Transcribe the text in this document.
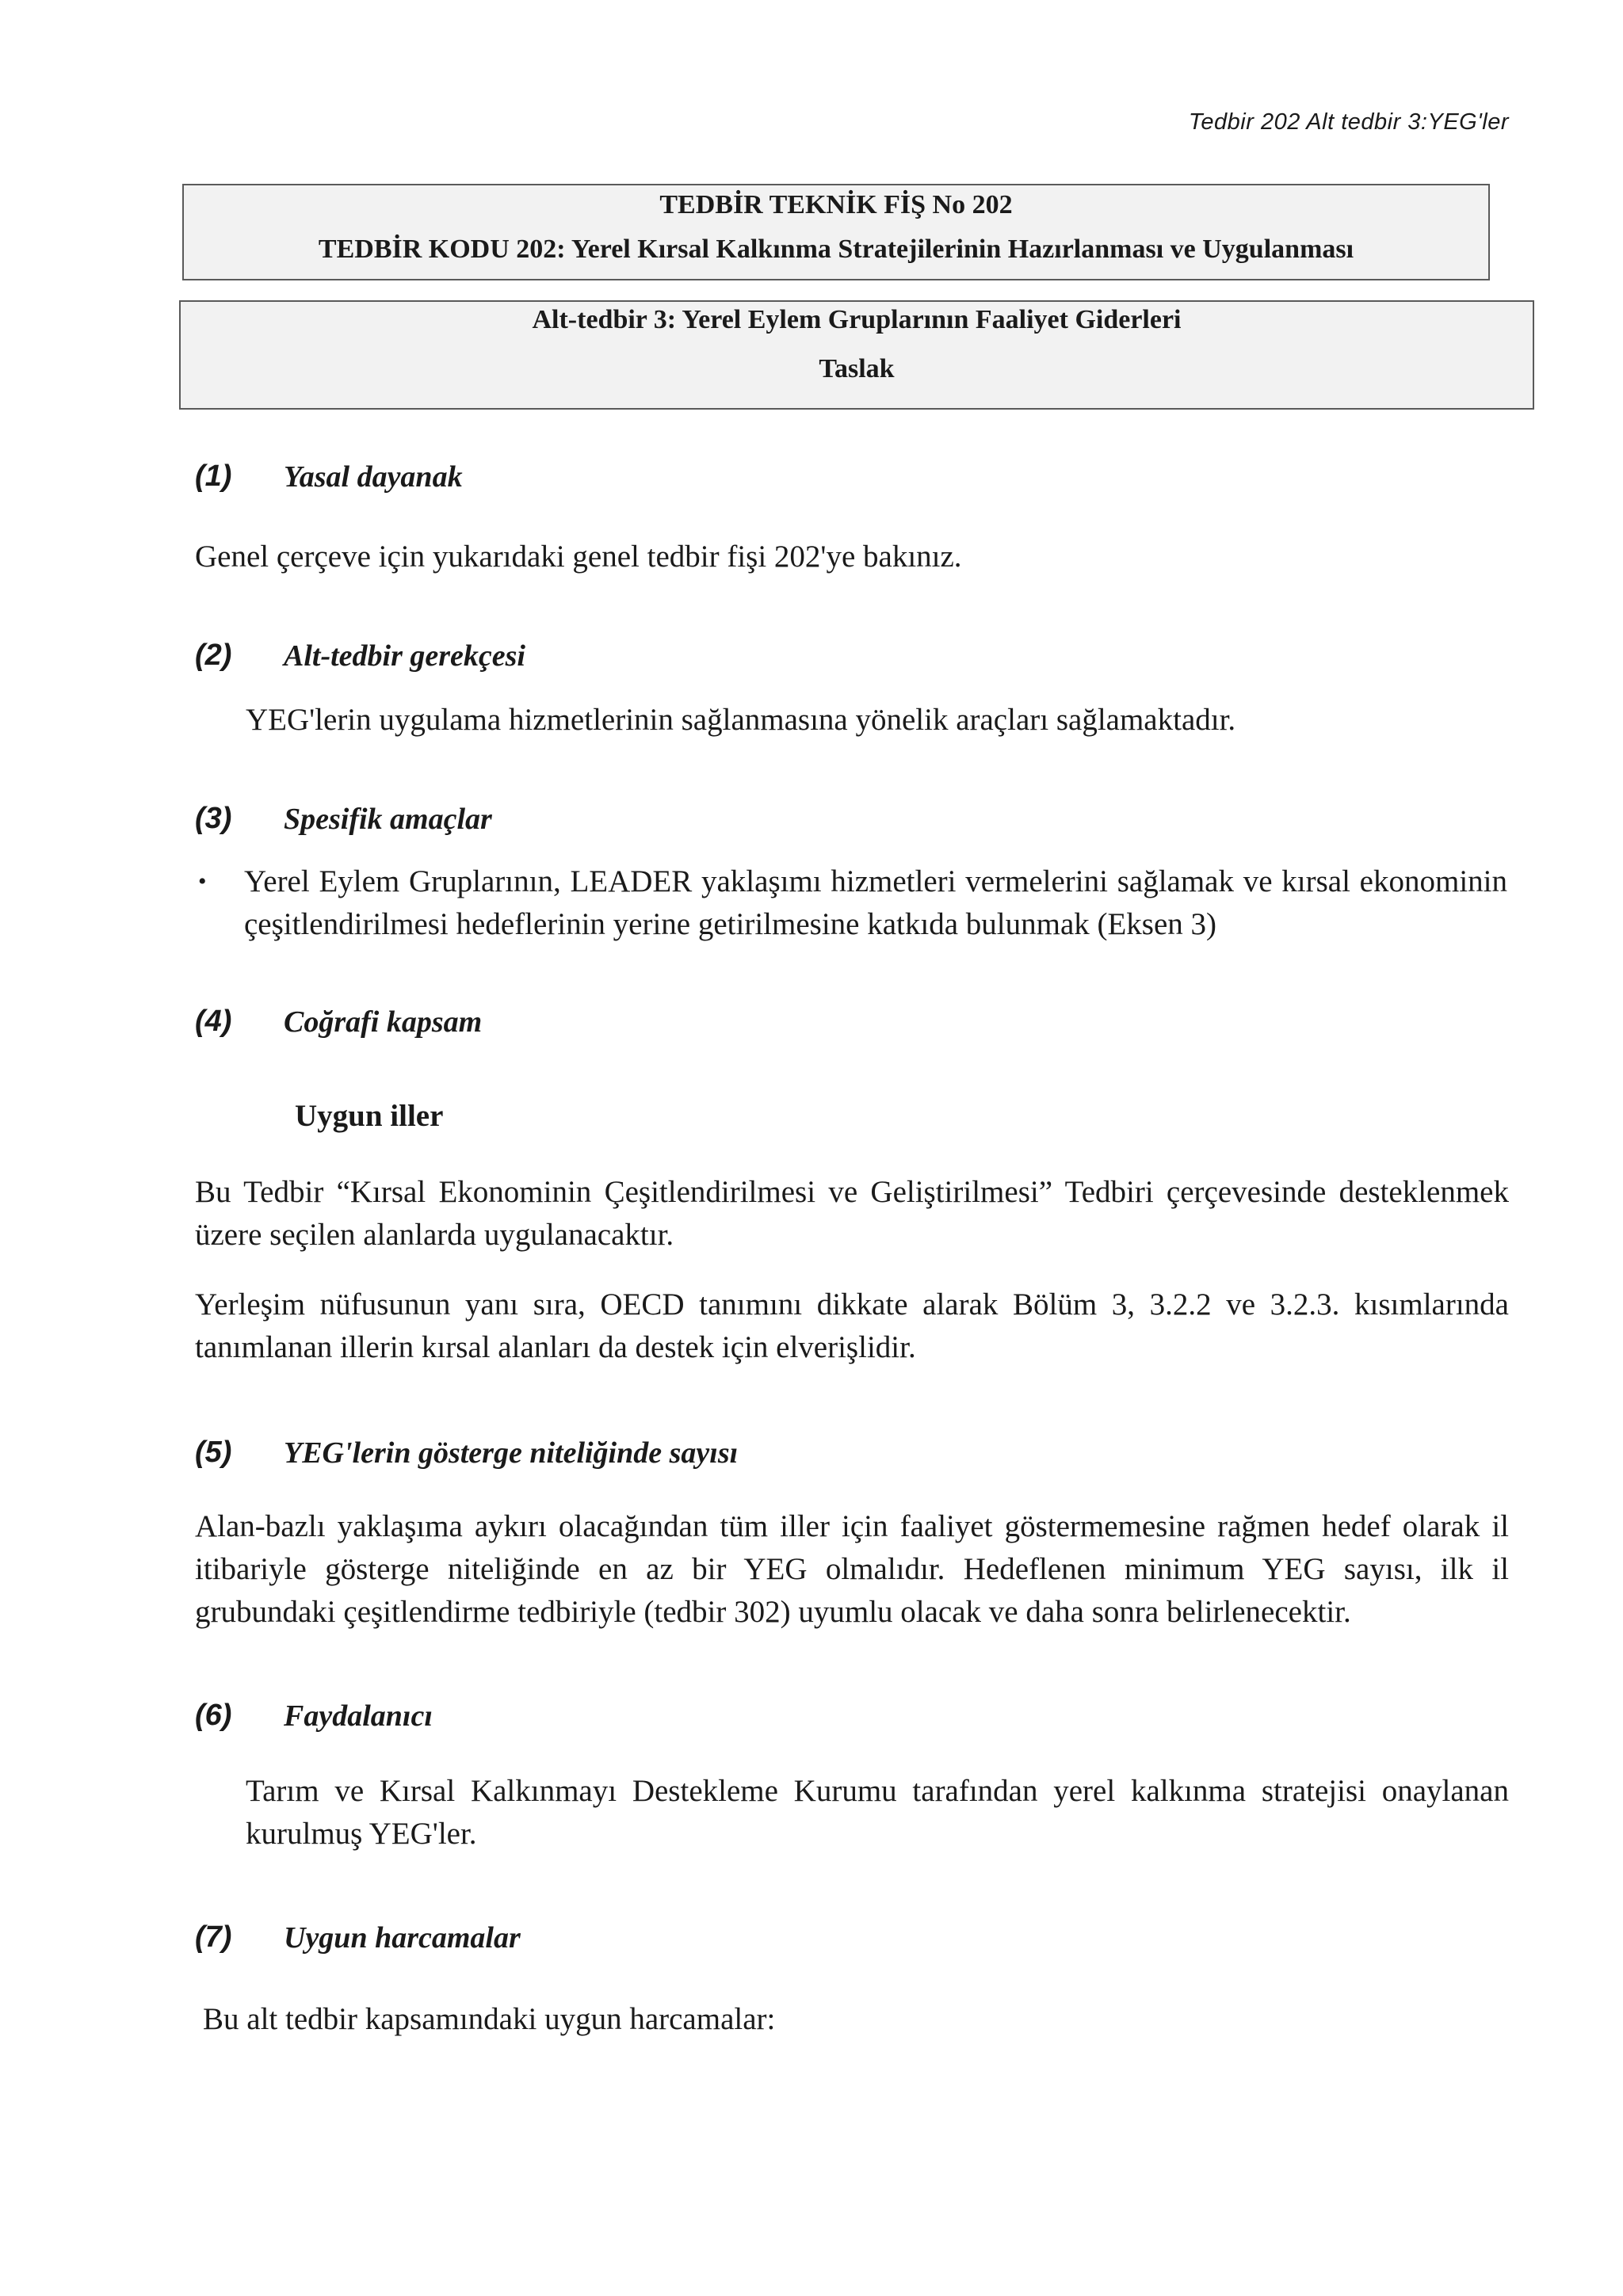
Tedbir 202 Alt tedbir 3:YEG'ler
TEDBİR TEKNİK FİŞ No 202
TEDBİR KODU 202: Yerel Kırsal Kalkınma Stratejilerinin Hazırlanması ve Uygulanması
Alt-tedbir 3: Yerel Eylem Gruplarının Faaliyet Giderleri
Taslak
(1) Yasal dayanak
Genel çerçeve için yukarıdaki genel tedbir fişi 202'ye bakınız.
(2) Alt-tedbir gerekçesi
YEG'lerin uygulama hizmetlerinin sağlanmasına yönelik araçları sağlamaktadır.
(3) Spesifik amaçlar
• Yerel Eylem Gruplarının, LEADER yaklaşımı hizmetleri vermelerini sağlamak ve kırsal ekonominin çeşitlendirilmesi hedeflerinin yerine getirilmesine katkıda bulunmak (Eksen 3)
(4) Coğrafi kapsam
Uygun iller
Bu Tedbir “Kırsal Ekonominin Çeşitlendirilmesi ve Geliştirilmesi” Tedbiri çerçevesinde desteklenmek üzere seçilen alanlarda uygulanacaktır.
Yerleşim nüfusunun yanı sıra, OECD tanımını dikkate alarak Bölüm 3, 3.2.2 ve 3.2.3. kısımlarında tanımlanan illerin kırsal alanları da destek için elverişlidir.
(5) YEG'lerin gösterge niteliğinde sayısı
Alan-bazlı yaklaşıma aykırı olacağından tüm iller için faaliyet göstermemesine rağmen hedef olarak il itibariyle gösterge niteliğinde en az bir YEG olmalıdır. Hedeflenen minimum YEG sayısı, ilk il grubundaki çeşitlendirme tedbiriyle (tedbir 302) uyumlu olacak ve daha sonra belirlenecektir.
(6) Faydalanıcı
Tarım ve Kırsal Kalkınmayı Destekleme Kurumu tarafından yerel kalkınma stratejisi onaylanan kurulmuş YEG'ler.
(7) Uygun harcamalar
Bu alt tedbir kapsamındaki uygun harcamalar:
